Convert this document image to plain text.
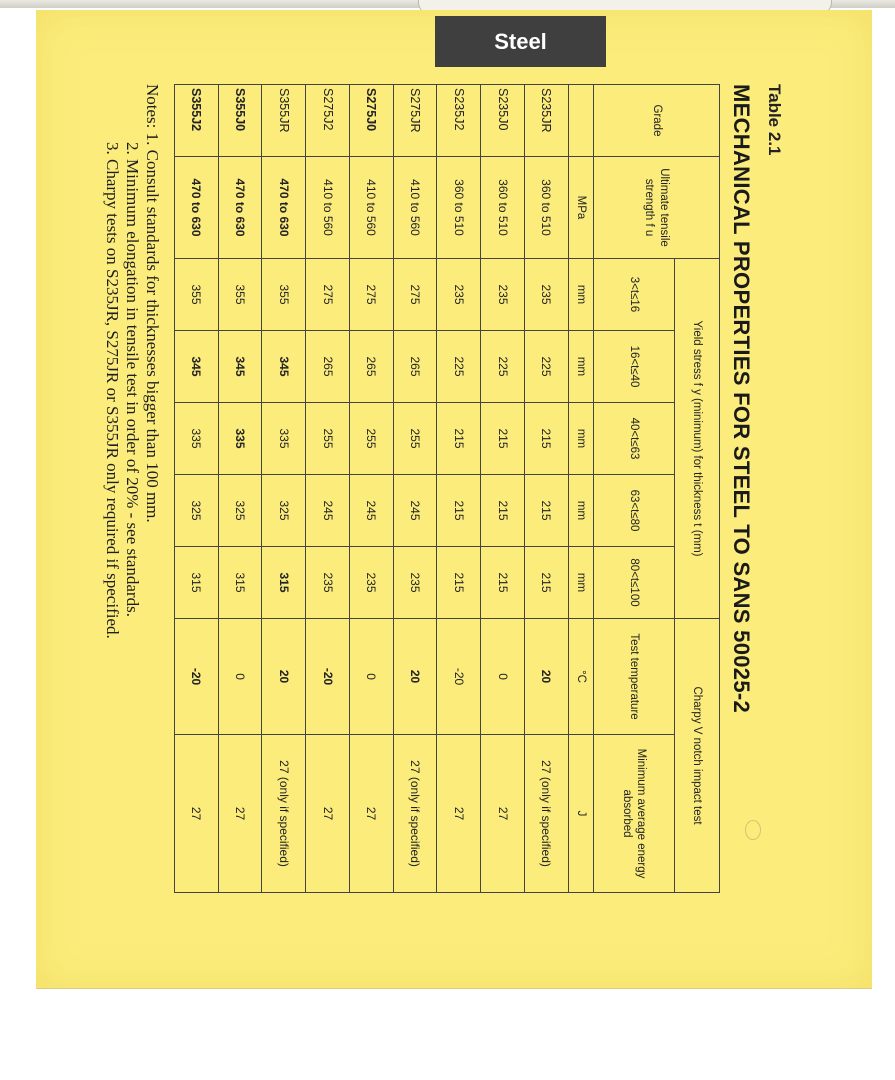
Steel
Table 2.1
MECHANICAL PROPERTIES FOR STEEL TO SANS 50025-2
Grade	Ultimate tensile strength f u	Yield stress f y (minimum) for thickness t (mm)					Charpy V notch impact test	
		3<t≤16	16<t≤40	40<t≤63	63<t≤80	80<t≤100	Test temperature	Minimum average energy absorbed
	MPa	mm	mm	mm	mm	mm	°C	J
S235JR	360 to 510	235	225	215	215	215	20	27 (only if specified)
S235J0	360 to 510	235	225	215	215	215	0	27
S235J2	360 to 510	235	225	215	215	215	-20	27
S275JR	410 to 560	275	265	255	245	235	20	27 (only if specified)
S275J0	410 to 560	275	265	255	245	235	0	27
S275J2	410 to 560	275	265	255	245	235	-20	27
S355JR	470 to 630	355	345	335	325	315	20	27 (only if specified)
S355J0	470 to 630	355	345	335	325	315	0	27
S355J2	470 to 630	355	345	335	325	315	-20	27
Notes: 1. Consult standards for thicknesses bigger than 100 mm.
2. Minimum elongation in tensile test in order of 20% - see standards.
3. Charpy tests on S235JR, S275JR or S355JR only required if specified.
